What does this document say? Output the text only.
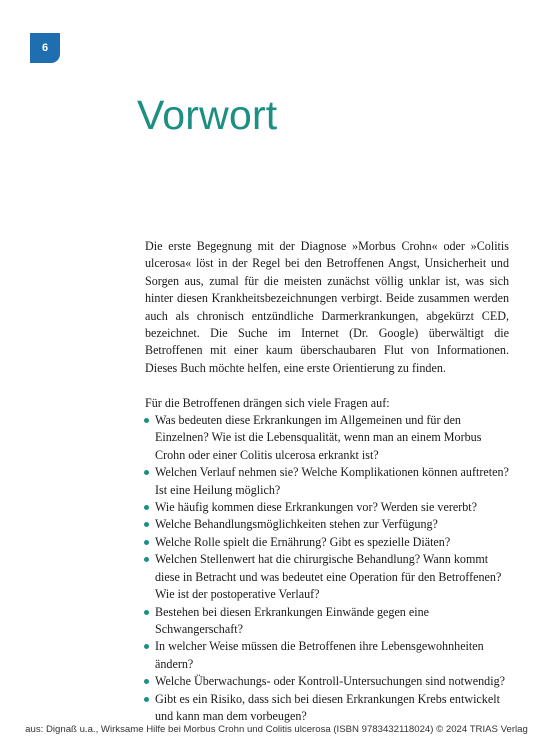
6
Vorwort

Die erste Begegnung mit der Diagnose »Morbus Crohn« oder »Colitis ulcerosa« löst in der Regel bei den Betroffenen Angst, Unsicherheit und Sorgen aus, zumal für die meisten zunächst völlig unklar ist, was sich hinter diesen Krankheitsbezeichnungen verbirgt. Beide zusammen werden auch als chronisch entzündliche Darmerkrankungen, abgekürzt CED, bezeichnet. Die Suche im Internet (Dr. Google) überwältigt die Betroffenen mit einer kaum überschaubaren Flut von Informationen. Dieses Buch möchte helfen, eine erste Orientierung zu finden.

Für die Betroffenen drängen sich viele Fragen auf:

Was bedeuten diese Erkrankungen im Allgemeinen und für den Einzelnen? Wie ist die Lebensqualität, wenn man an einem Morbus Crohn oder einer Colitis ulcerosa erkrankt ist?
Welchen Verlauf nehmen sie? Welche Komplikationen können auftreten? Ist eine Heilung möglich?
Wie häufig kommen diese Erkrankungen vor? Werden sie vererbt?
Welche Behandlungsmöglichkeiten stehen zur Verfügung?
Welche Rolle spielt die Ernährung? Gibt es spezielle Diäten?
Welchen Stellenwert hat die chirurgische Behandlung? Wann kommt diese in Betracht und was bedeutet eine Operation für den Betroffenen? Wie ist der postoperative Verlauf?
Bestehen bei diesen Erkrankungen Einwände gegen eine Schwangerschaft?
In welcher Weise müssen die Betroffenen ihre Lebensgewohnheiten ändern?
Welche Überwachungs- oder Kontroll-Untersuchungen sind notwendig?
Gibt es ein Risiko, dass sich bei diesen Erkrankungen Krebs entwickelt und kann man dem vorbeugen?
aus: Dignaß u.a., Wirksame Hilfe bei Morbus Crohn und Colitis ulcerosa (ISBN 9783432118024) © 2024 TRIAS Verlag
